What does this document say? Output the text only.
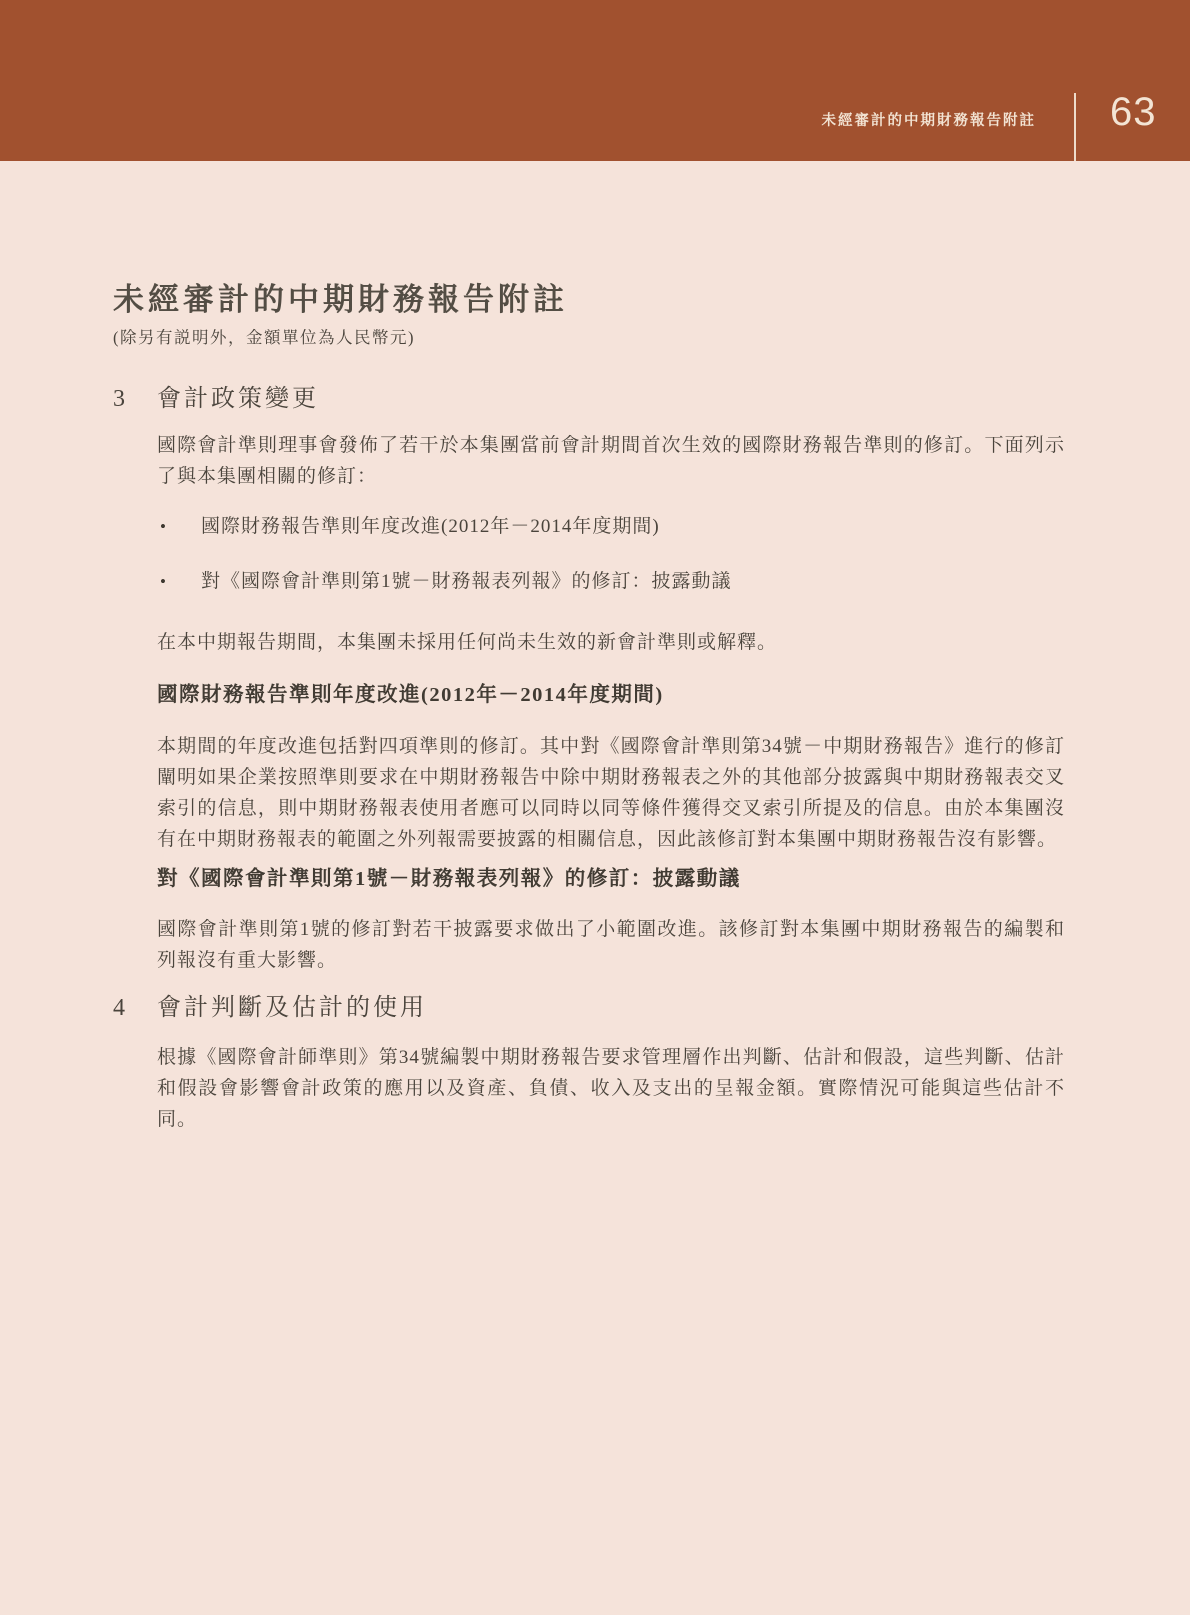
未經審計的中期財務報告附註 63
未經審計的中期財務報告附註
(除另有説明外，金額單位為人民幣元)
3	會計政策變更

國際會計準則理事會發佈了若干於本集團當前會計期間首次生效的國際財務報告準則的修訂。下面列示了與本集團相關的修訂：

• 國際財務報告準則年度改進(2012年－2014年度期間)
• 對《國際會計準則第1號－財務報表列報》的修訂：披露動議

在本中期報告期間，本集團未採用任何尚未生效的新會計準則或解釋。

國際財務報告準則年度改進(2012年－2014年度期間)

本期間的年度改進包括對四項準則的修訂。其中對《國際會計準則第34號－中期財務報告》進行的修訂闡明如果企業按照準則要求在中期財務報告中除中期財務報表之外的其他部分披露與中期財務報表交叉索引的信息，則中期財務報表使用者應可以同時以同等條件獲得交叉索引所提及的信息。由於本集團沒有在中期財務報表的範圍之外列報需要披露的相關信息，因此該修訂對本集團中期財務報告沒有影響。

對《國際會計準則第1號－財務報表列報》的修訂：披露動議

國際會計準則第1號的修訂對若干披露要求做出了小範圍改進。該修訂對本集團中期財務報告的編製和列報沒有重大影響。

4	會計判斷及估計的使用

根據《國際會計師準則》第34號編製中期財務報告要求管理層作出判斷、估計和假設，這些判斷、估計和假設會影響會計政策的應用以及資產、負債、收入及支出的呈報金額。實際情況可能與這些估計不同。
